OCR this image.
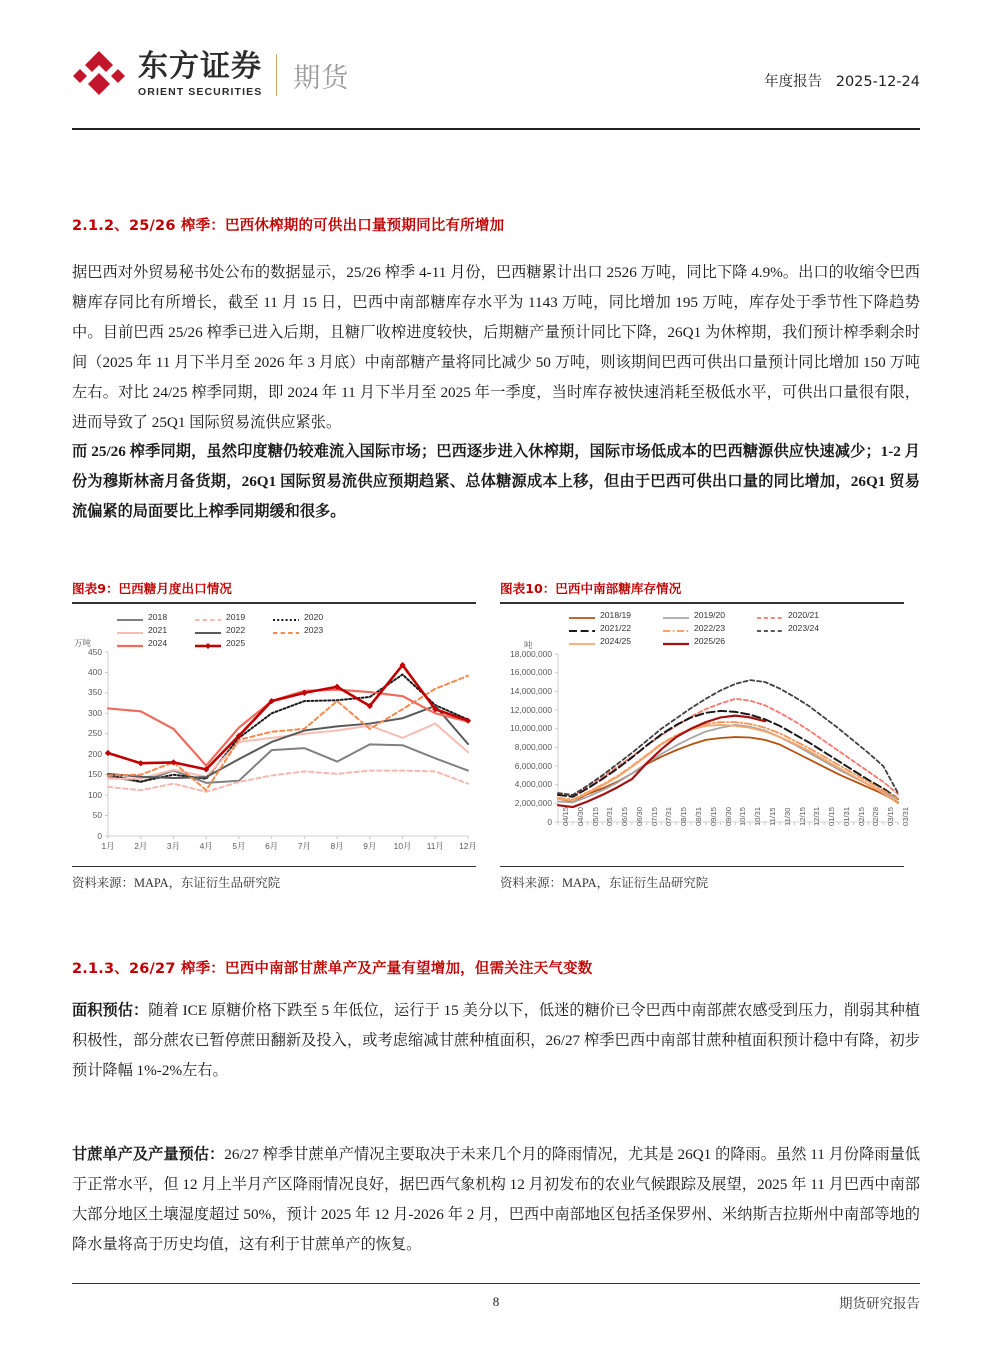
东方证券
ORIENT SECURITIES 期货	年度报告 2025-12-24
2.1.2、25/26 榨季：巴西休榨期的可供出口量预期同比有所增加
据巴西对外贸易秘书处公布的数据显示，25/26 榨季 4-11 月份，巴西糖累计出口 2526 万吨，同比下降 4.9%。出口的收缩令巴西糖库存同比有所增长，截至 11 月 15 日，巴西中南部糖库存水平为 1143 万吨，同比增加 195 万吨，库存处于季节性下降趋势中。目前巴西 25/26 榨季已进入后期，且糖厂收榨进度较快，后期糖产量预计同比下降，26Q1 为休榨期，我们预计榨季剩余时间（2025 年 11 月下半月至 2026 年 3 月底）中南部糖产量将同比减少 50 万吨，则该期间巴西可供出口量预计同比增加 150 万吨左右。对比 24/25 榨季同期，即 2024 年 11 月下半月至 2025 年一季度，当时库存被快速消耗至极低水平，可供出口量很有限，进而导致了 25Q1 国际贸易流供应紧张。
而 25/26 榨季同期，虽然印度糖仍较难流入国际市场；巴西逐步进入休榨期，国际市场低成本的巴西糖源供应快速减少；1-2 月份为穆斯林斋月备货期，26Q1 国际贸易流供应预期趋紧、总体糖源成本上移，但由于巴西可供出口量的同比增加，26Q1 贸易流偏紧的局面要比上榨季同期缓和很多。
图表9：巴西糖月度出口情况
0
50
100
150
200
250
300
350
400
450
万吨
1月	2月	3月	4月	5月	6月	7月	8月	9月	10月 11月 12月
2018	2019	2020
2021	2022	2023
2024	2025
资料来源：MAPA，东证衍生品研究院
图表10：巴西中南部糖库存情况
0
2,000,000
4,000,000
6,000,000
8,000,000
10,000,000
12,000,000
14,000,000
16,000,000
18,000,000
吨
04/15 04/30 05/15 05/31 06/15 06/30 07/15 07/31 08/15 08/31 09/15 09/30 10/15 10/31 11/15 11/30 12/15 12/31 01/15 01/31 02/15 02/28 03/15 03/31
2018/19	2019/20	2020/21
2021/22	2022/23	2023/24
2024/25	2025/26
资料来源：MAPA，东证衍生品研究院
2.1.3、26/27 榨季：巴西中南部甘蔗单产及产量有望增加，但需关注天气变数
面积预估：随着 ICE 原糖价格下跌至 5 年低位，运行于 15 美分以下，低迷的糖价已令巴西中南部蔗农感受到压力，削弱其种植积极性，部分蔗农已暂停蔗田翻新及投入，或考虑缩减甘蔗种植面积，26/27 榨季巴西中南部甘蔗种植面积预计稳中有降，初步预计降幅 1%-2%左右。
甘蔗单产及产量预估：26/27 榨季甘蔗单产情况主要取决于未来几个月的降雨情况，尤其是 26Q1 的降雨。虽然 11 月份降雨量低于正常水平，但 12 月上半月产区降雨情况良好，据巴西气象机构 12 月初发布的农业气候跟踪及展望，2025 年 11 月巴西中南部大部分地区土壤湿度超过 50%，预计 2025 年 12 月-2026 年 2 月，巴西中南部地区包括圣保罗州、米纳斯吉拉斯州中南部等地的降水量将高于历史均值，这有利于甘蔗单产的恢复。
8	期货研究报告
